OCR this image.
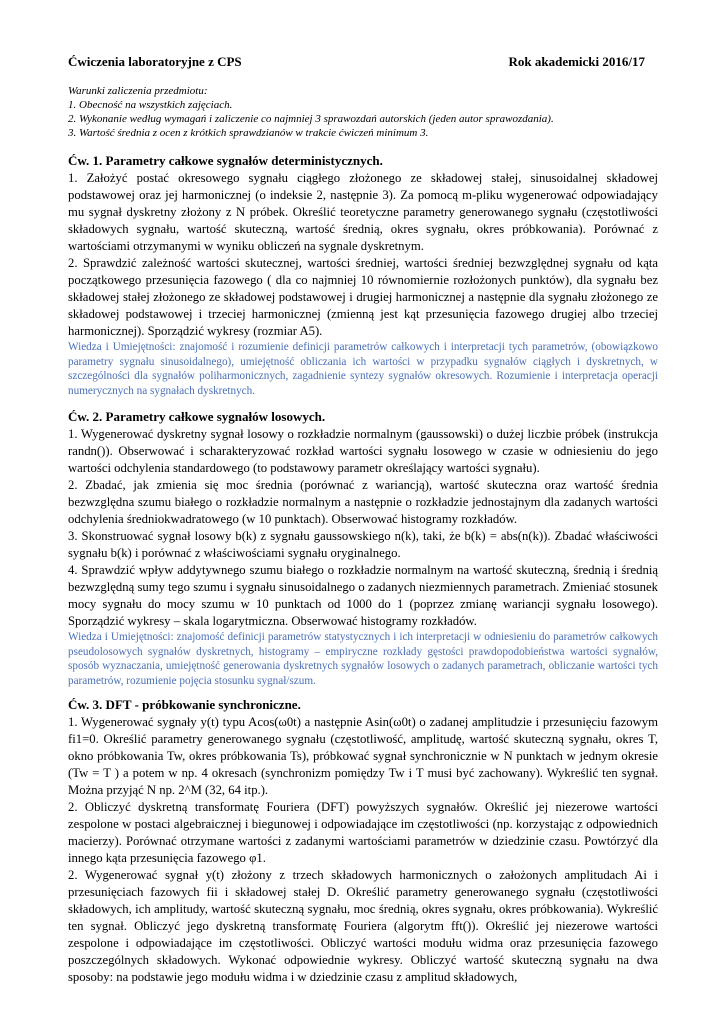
Ćwiczenia laboratoryjne z CPS	Rok akademicki 2016/17
Warunki zaliczenia przedmiotu:
1. Obecność na wszystkich zajęciach.
2. Wykonanie według wymagań i zaliczenie co najmniej 3 sprawozdań autorskich (jeden autor sprawozdania).
3. Wartość średnia z ocen z krótkich sprawdzianów w trakcie ćwiczeń minimum 3.
Ćw. 1. Parametry całkowe sygnałów deterministycznych.

1. Założyć postać okresowego sygnału ciągłego złożonego ze składowej stałej, sinusoidalnej składowej podstawowej oraz jej harmonicznej (o indeksie 2, następnie 3). Za pomocą m-pliku wygenerować odpowiadający mu sygnał dyskretny złożony z N próbek. Określić teoretyczne parametry generowanego sygnału (częstotliwości składowych sygnału, wartość skuteczną, wartość średnią, okres sygnału, okres próbkowania). Porównać z wartościami otrzymanymi w wyniku obliczeń na sygnale dyskretnym.

2. Sprawdzić zależność wartości skutecznej, wartości średniej, wartości średniej bezwzględnej sygnału od kąta początkowego przesunięcia fazowego ( dla co najmniej 10 równomiernie rozłożonych punktów), dla sygnału bez składowej stałej złożonego ze składowej podstawowej i drugiej harmonicznej a następnie dla sygnału złożonego ze składowej podstawowej i trzeciej harmonicznej (zmienną jest kąt przesunięcia fazowego drugiej albo trzeciej harmonicznej). Sporządzić wykresy (rozmiar A5).

Wiedza i Umiejętności: znajomość i rozumienie definicji parametrów całkowych i interpretacji tych parametrów, (obowiązkowo parametry sygnału sinusoidalnego), umiejętność obliczania ich wartości w przypadku sygnałów ciągłych i dyskretnych, w szczególności dla sygnałów poliharmonicznych, zagadnienie syntezy sygnałów okresowych. Rozumienie i interpretacja operacji numerycznych na sygnałach dyskretnych.

Ćw. 2. Parametry całkowe sygnałów losowych.

1. Wygenerować dyskretny sygnał losowy o rozkładzie normalnym (gaussowski) o dużej liczbie próbek (instrukcja randn()). Obserwować i scharakteryzować rozkład wartości sygnału losowego w czasie w odniesieniu do jego wartości odchylenia standardowego (to podstawowy parametr określający wartości sygnału).

2. Zbadać, jak zmienia się moc średnia (porównać z wariancją), wartość skuteczna oraz wartość średnia bezwzględna szumu białego o rozkładzie normalnym a następnie o rozkładzie jednostajnym dla zadanych wartości odchylenia średniokwadratowego (w 10 punktach). Obserwować histogramy rozkładów.

3. Skonstruować sygnał losowy b(k) z sygnału gaussowskiego n(k), taki, że b(k) = abs(n(k)). Zbadać właściwości sygnału b(k) i porównać z właściwościami sygnału oryginalnego.

4. Sprawdzić wpływ addytywnego szumu białego o rozkładzie normalnym na wartość skuteczną, średnią i średnią bezwzględną sumy tego szumu i sygnału sinusoidalnego o zadanych niezmiennych parametrach. Zmieniać stosunek mocy sygnału do mocy szumu w 10 punktach od 1000 do 1 (poprzez zmianę wariancji sygnału losowego). Sporządzić wykresy – skala logarytmiczna. Obserwować histogramy rozkładów.

Wiedza i Umiejętności: znajomość definicji parametrów statystycznych i ich interpretacji w odniesieniu do parametrów całkowych pseudolosowych sygnałów dyskretnych, histogramy – empiryczne rozkłady gęstości prawdopodobieństwa wartości sygnałów, sposób wyznaczania, umiejętność generowania dyskretnych sygnałów losowych o zadanych parametrach, obliczanie wartości tych parametrów, rozumienie pojęcia stosunku sygnał/szum.

Ćw. 3. DFT - próbkowanie synchroniczne.

1. Wygenerować sygnały y(t) typu Acos(ω0t) a następnie Asin(ω0t) o zadanej amplitudzie i przesunięciu fazowym fi1=0. Określić parametry generowanego sygnału (częstotliwość, amplitudę, wartość skuteczną sygnału, okres T, okno próbkowania Tw, okres próbkowania Ts), próbkować sygnał synchronicznie w N punktach w jednym okresie (Tw = T ) a potem w np. 4 okresach (synchronizm pomiędzy Tw i T musi być zachowany). Wykreślić ten sygnał. Można przyjąć N np. 2^M (32, 64 itp.).

2. Obliczyć dyskretną transformatę Fouriera (DFT) powyższych sygnałów. Określić jej niezerowe wartości zespolone w postaci algebraicznej i biegunowej i odpowiadające im częstotliwości (np. korzystając z odpowiednich macierzy). Porównać otrzymane wartości z zadanymi wartościami parametrów w dziedzinie czasu. Powtórzyć dla innego kąta przesunięcia fazowego φ1.

2. Wygenerować sygnał y(t) złożony z trzech składowych harmonicznych o założonych amplitudach Ai i przesunięciach fazowych fii i składowej stałej D. Określić parametry generowanego sygnału (częstotliwości składowych, ich amplitudy, wartość skuteczną sygnału, moc średnią, okres sygnału, okres próbkowania). Wykreślić ten sygnał. Obliczyć jego dyskretną transformatę Fouriera (algorytm fft()). Określić jej niezerowe wartości zespolone i odpowiadające im częstotliwości. Obliczyć wartości modułu widma oraz przesunięcia fazowego poszczególnych składowych. Wykonać odpowiednie wykresy. Obliczyć wartość skuteczną sygnału na dwa sposoby: na podstawie jego modułu widma i w dziedzinie czasu z amplitud składowych,
